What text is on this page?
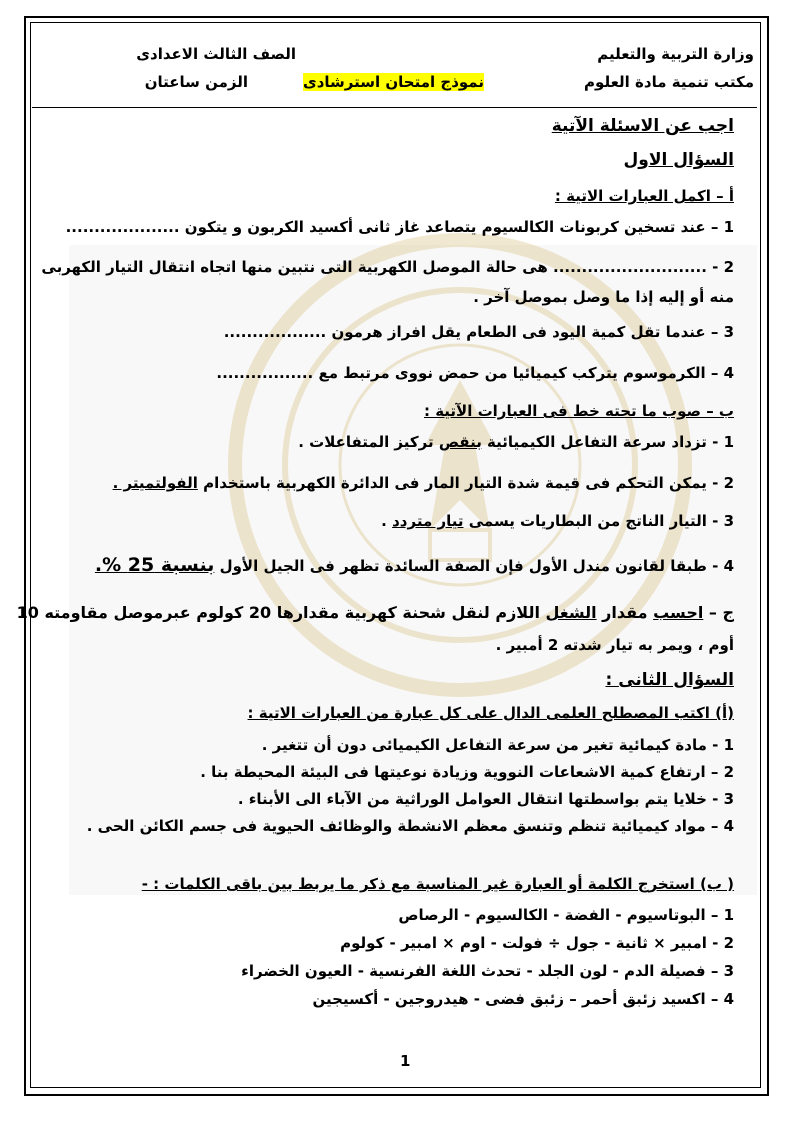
وزارة التربية والتعليم
مكتب تنمية مادة العلوم
الصف الثالث الاعدادى
الزمن ساعتان	نموذج امتحان استرشادى
اجب عن الاسئلة الآتية
السؤال الاول
أ – اكمل العبارات الاتية :
1 – عند تسخين كربونات الكالسيوم يتصاعد غاز ثانى أكسيد الكربون و يتكون ....................
2 - ........................... هى حالة الموصل الكهربية التى نتبين منها اتجاه انتقال التيار الكهربى
منه أو إليه إذا ما وصل بموصل آخر .
3 – عندما تقل كمية اليود فى الطعام يقل افراز هرمون ..................
4 – الكرموسوم يتركب كيميائيا من حمض نووى مرتبط مع .................
ب – صوب ما تحته خط فى العبارات الآتية :
1 - تزداد سرعة التفاعل الكيميائية بنقص تركيز المتفاعلات .
2 - يمكن التحكم فى قيمة شدة التيار المار فى الدائرة الكهربية باستخدام الفولتميتر .
3 - التيار الناتج من البطاريات يسمى تيار متردد .
4 - طبقا لقانون مندل الأول فإن الصفة السائدة تظهر فى الجيل الأول بنسبة 25 %.
ج – احسب مقدار الشغل اللازم لنقل شحنة كهربية مقدارها 20 كولوم عبرموصل مقاومته 10
أوم ، ويمر به تيار شدته 2 أمبير .
السؤال الثانى :
(أ) اكتب المصطلح العلمى الدال على كل عبارة من العبارات الاتية :
1 - مادة كيمائية تغير من سرعة التفاعل الكيميائى دون أن تتغير .
2 – ارتفاع كمية الاشعاعات النووية وزيادة نوعيتها فى البيئة المحيطة بنا .
3 - خلايا يتم بواسطتها انتقال العوامل الوراثية من الآباء الى الأبناء .
4 – مواد كيميائية تنظم وتنسق معظم الانشطة والوظائف الحيوية فى جسم الكائن الحى .
( ب) استخرج الكلمة أو العبارة غير المناسبة مع ذكر ما يربط بين باقى الكلمات : -
1 – البوتاسيوم - الفضة - الكالسيوم - الرصاص
2 - امبير × ثانية - جول ÷ فولت - اوم × امبير - كولوم
3 – فصيلة الدم - لون الجلد - تحدث اللغة الفرنسية - العيون الخضراء
4 – اكسيد زئبق أحمر – زئبق فضى - هيدروجين - أكسيجين
1
